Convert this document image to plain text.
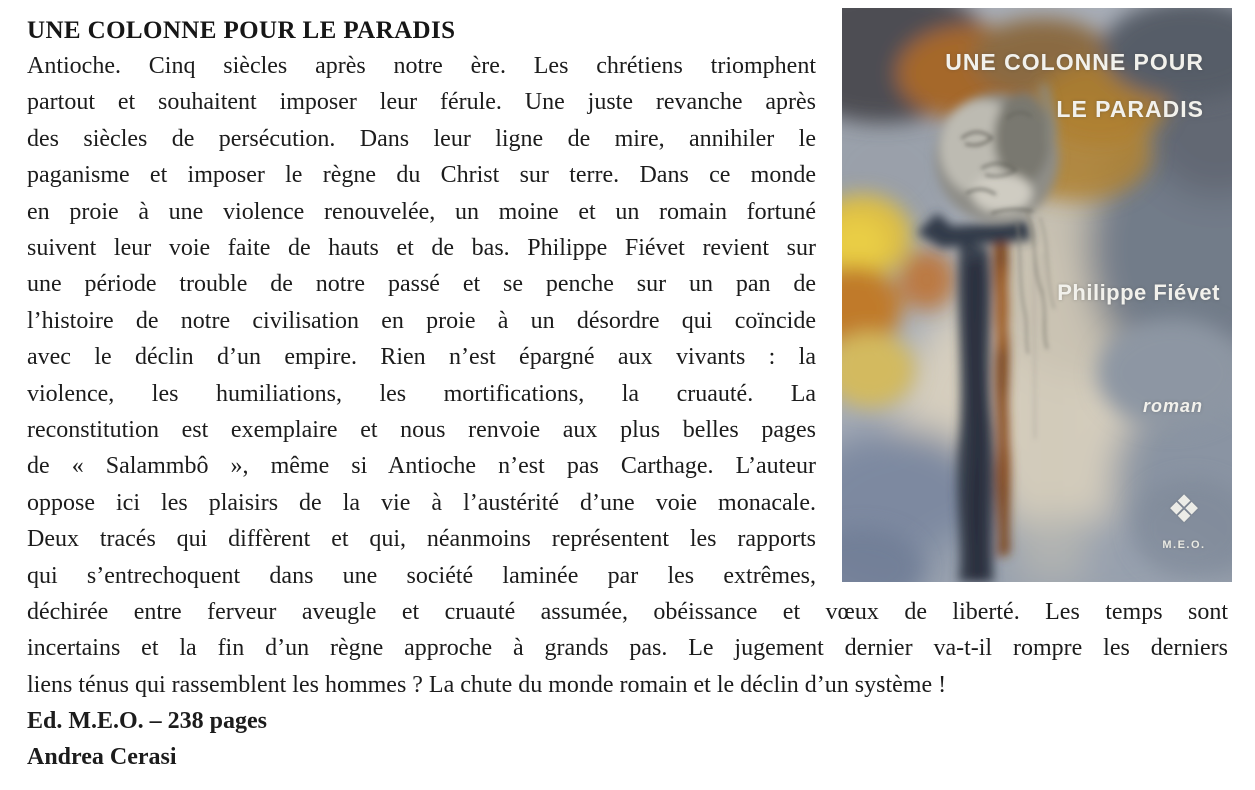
UNE COLONNE POUR LE PARADIS
Antioche. Cinq siècles après notre ère. Les chrétiens triomphent
partout et souhaitent imposer leur férule. Une juste revanche après
des siècles de persécution. Dans leur ligne de mire, annihiler le
paganisme et imposer le règne du Christ sur terre. Dans ce monde
en proie à une violence renouvelée, un moine et un romain fortuné
suivent leur voie faite de hauts et de bas. Philippe Fiévet revient sur
une période trouble de notre passé et se penche sur un pan de
l’histoire de notre civilisation en proie à un désordre qui coïncide
avec le déclin d’un empire. Rien n’est épargné aux vivants : la
violence, les humiliations, les mortifications, la cruauté. La
reconstitution est exemplaire et nous renvoie aux plus belles pages
de « Salammbô », même si Antioche n’est pas Carthage. L’auteur
oppose ici les plaisirs de la vie à l’austérité d’une voie monacale.
Deux tracés qui diffèrent et qui, néanmoins représentent les rapports
qui s’entrechoquent dans une société laminée par les extrêmes,
déchirée entre ferveur aveugle et cruauté assumée, obéissance et vœux de liberté. Les temps sont
incertains et la fin d’un règne approche à grands pas. Le jugement dernier va-t-il rompre les derniers
liens ténus qui rassemblent les hommes ? La chute du monde romain et le déclin d’un système !
Ed. M.E.O. – 238 pages
Andrea Cerasi
UNE COLONNE POUR
LE PARADIS
Philippe Fiévet
roman
❖
M.E.O.
